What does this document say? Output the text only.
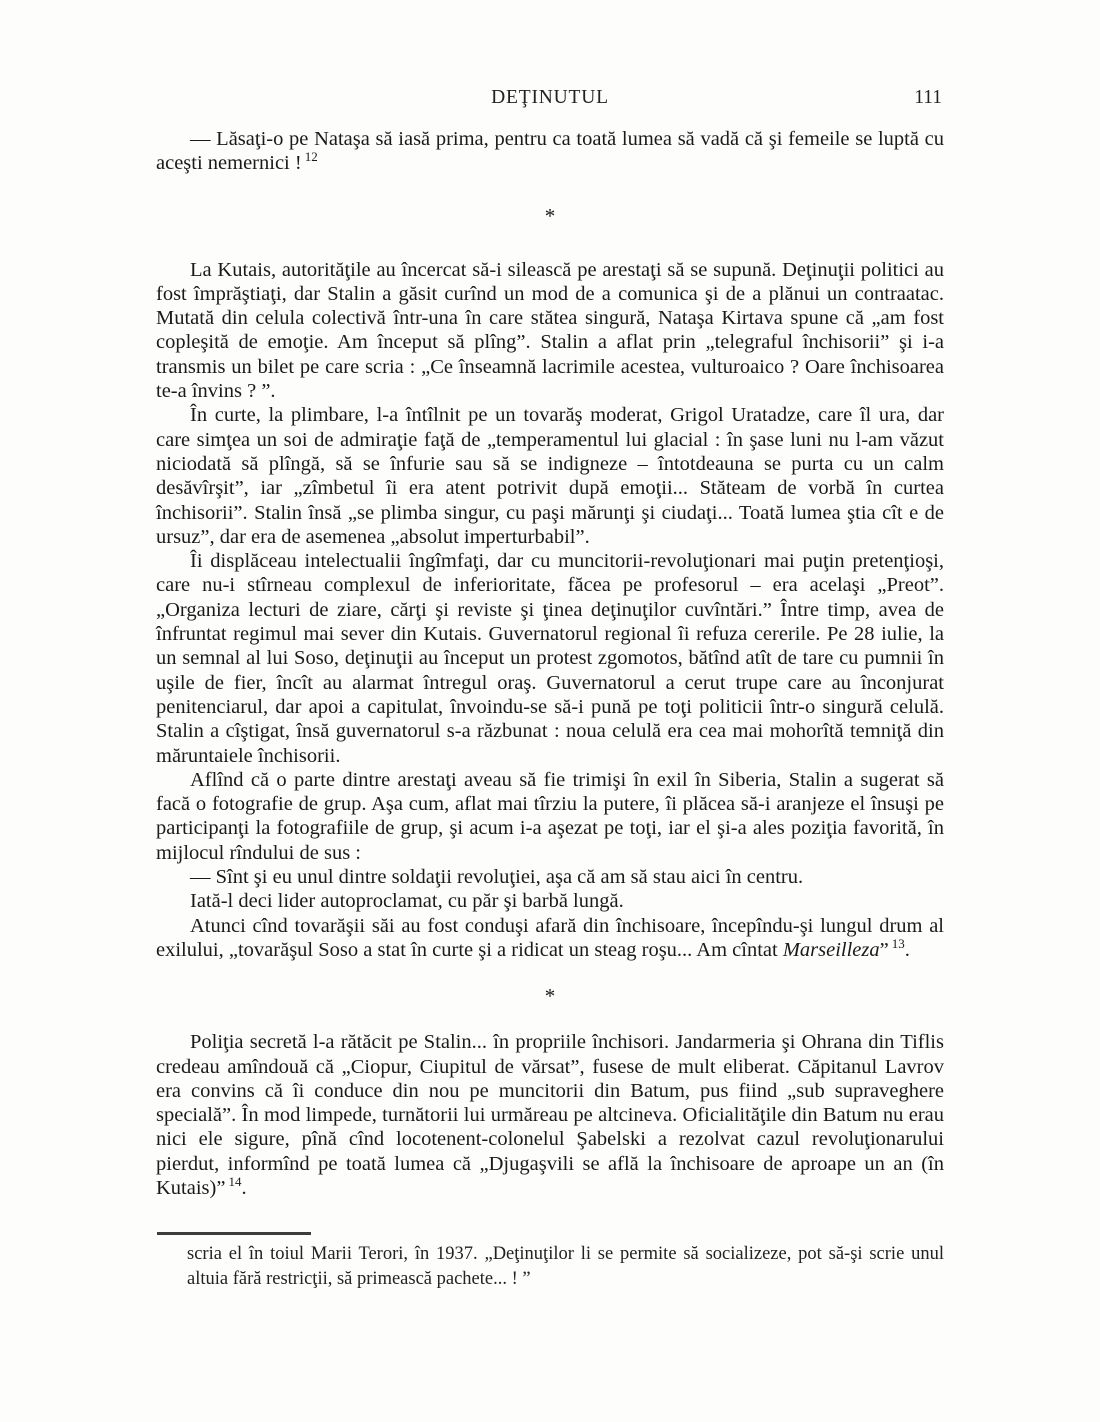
DEŢINUTUL	111

— Lăsaţi-o pe Nataşa să iasă prima, pentru ca toată lumea să vadă că şi femeile se luptă cu aceşti nemernici ! $^{12}$

*

La Kutais, autorităţile au încercat să-i silească pe arestaţi să se supună. Deţinuţii politici au fost împrăştiaţi, dar Stalin a găsit curînd un mod de a comunica şi de a plănui un contraatac. Mutată din celula colectivă într-una în care stătea singură, Nataşa Kirtava spune că „am fost copleşită de emoţie. Am început să plîng”. Stalin a aflat prin „telegraful închisorii” şi i-a transmis un bilet pe care scria : „Ce înseamnă lacrimile acestea, vulturoaico ? Oare închisoarea te-a învins ? ”.

În curte, la plimbare, l-a întîlnit pe un tovarăş moderat, Grigol Uratadze, care îl ura, dar care simţea un soi de admiraţie faţă de „temperamentul lui glacial : în şase luni nu l-am văzut niciodată să plîngă, să se înfurie sau să se indigneze – întotdeauna se purta cu un calm desăvîrşit”, iar „zîmbetul îi era atent potrivit după emoţii... Stăteam de vorbă în curtea închisorii”. Stalin însă „se plimba singur, cu paşi mărunţi şi ciudaţi... Toată lumea ştia cît e de ursuz”, dar era de asemenea „absolut imperturbabil”.

Îi displăceau intelectualii îngîmfaţi, dar cu muncitorii-revoluţionari mai puţin pretenţioşi, care nu-i stîrneau complexul de inferioritate, făcea pe profesorul – era acelaşi „Preot”. „Organiza lecturi de ziare, cărţi şi reviste şi ţinea deţinuţilor cuvîntări.” Între timp, avea de înfruntat regimul mai sever din Kutais. Guvernatorul regional îi refuza cererile. Pe 28 iulie, la un semnal al lui Soso, deţinuţii au început un protest zgomotos, bătînd atît de tare cu pumnii în uşile de fier, încît au alarmat întregul oraş. Guvernatorul a cerut trupe care au înconjurat penitenciarul, dar apoi a capitulat, învoindu-se să-i pună pe toţi politicii într-o singură celulă. Stalin a cîştigat, însă guvernatorul s-a răzbunat : noua celulă era cea mai mohorîtă temniţă din măruntaiele închisorii.

Aflînd că o parte dintre arestaţi aveau să fie trimişi în exil în Siberia, Stalin a sugerat să facă o fotografie de grup. Aşa cum, aflat mai tîrziu la putere, îi plăcea să-i aranjeze el însuşi pe participanţi la fotografiile de grup, şi acum i-a aşezat pe toţi, iar el şi-a ales poziţia favorită, în mijlocul rîndului de sus :

— Sînt şi eu unul dintre soldaţii revoluţiei, aşa că am să stau aici în centru.

Iată-l deci lider autoproclamat, cu păr şi barbă lungă.

Atunci cînd tovarăşii săi au fost conduşi afară din închisoare, începîndu-şi lungul drum al exilului, „tovarăşul Soso a stat în curte şi a ridicat un steag roşu... Am cîntat Marseilleza” $^{13}$.

*

Poliţia secretă l-a rătăcit pe Stalin... în propriile închisori. Jandarmeria şi Ohrana din Tiflis credeau amîndouă că „Ciopur, Ciupitul de vărsat”, fusese de mult eliberat. Căpitanul Lavrov era convins că îi conduce din nou pe muncitorii din Batum, pus fiind „sub supraveghere specială”. În mod limpede, turnătorii lui urmăreau pe altcineva. Oficialităţile din Batum nu erau nici ele sigure, pînă cînd locotenent-colonelul Şabelski a rezolvat cazul revoluţionarului pierdut, informînd pe toată lumea că „Djugaşvili se află la închisoare de aproape un an (în Kutais)” $^{14}$.

scria el în toiul Marii Terori, în 1937. „Deţinuţilor li se permite să socializeze, pot să-şi scrie unul altuia fără restricţii, să primească pachete... ! ”
